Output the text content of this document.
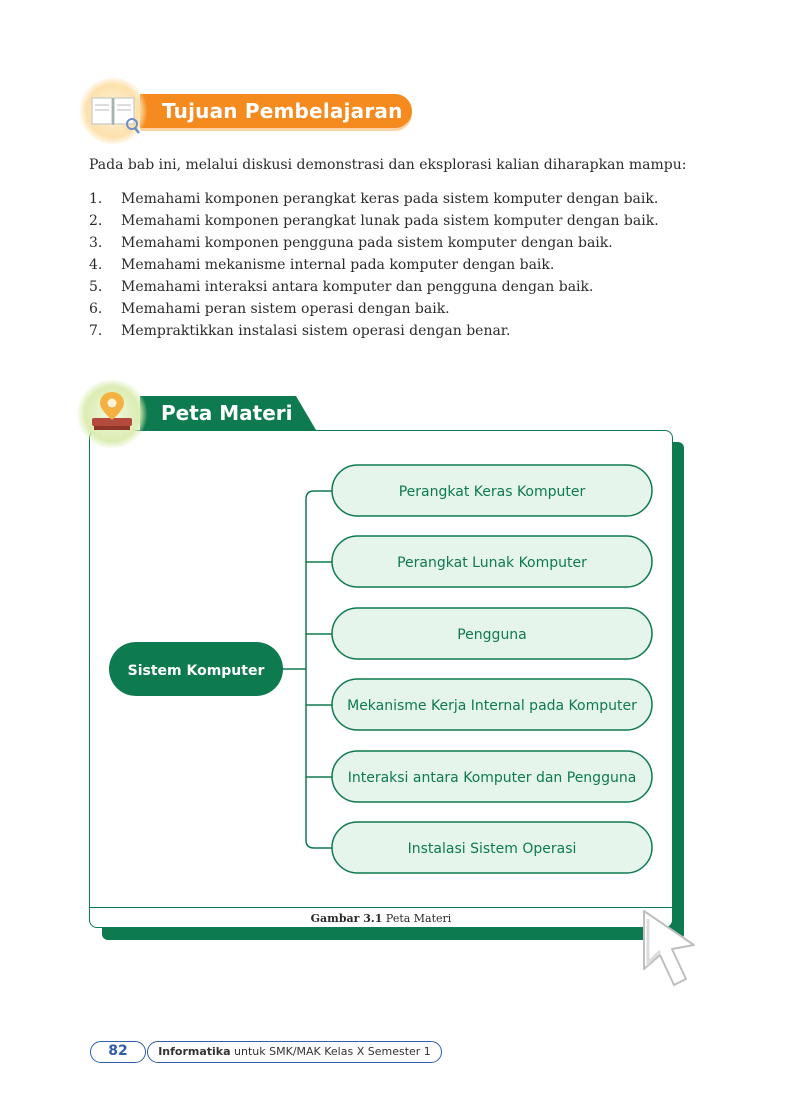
Tujuan Pembelajaran
Pada bab ini, melalui diskusi demonstrasi dan eksplorasi kalian diharapkan mampu:
1.	Memahami komponen perangkat keras pada sistem komputer dengan baik.
2.	Memahami komponen perangkat lunak pada sistem komputer dengan baik.
3.	Memahami komponen pengguna pada sistem komputer dengan baik.
4.	Memahami mekanisme internal pada komputer dengan baik.
5.	Memahami interaksi antara komputer dan pengguna dengan baik.
6.	Memahami peran sistem operasi dengan baik.
7.	Mempraktikkan instalasi sistem operasi dengan benar.
Peta Materi
Sistem Komputer
Perangkat Keras Komputer
Perangkat Lunak Komputer
Pengguna
Mekanisme Kerja Internal pada Komputer
Interaksi antara Komputer dan Pengguna
Instalasi Sistem Operasi
Gambar 3.1 Peta Materi
82	Informatika untuk SMK/MAK Kelas X Semester 1
